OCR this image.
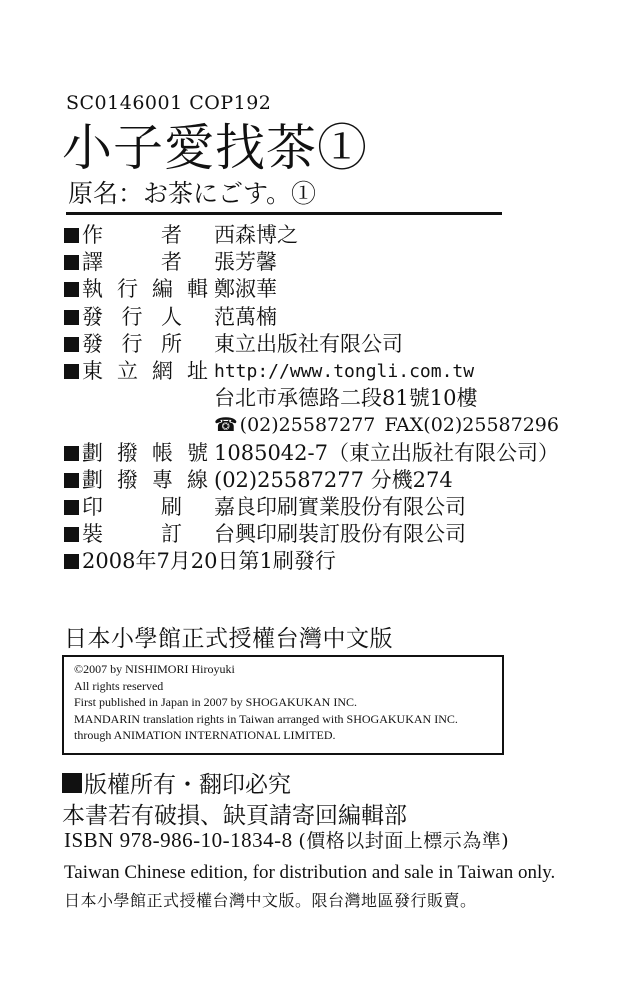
SC0146001 COP192
小子愛找茶①
原名：お茶にごす。①
作	者 西森博之
譯	者 張芳馨
執 行 編 輯 鄭淑華
發 行 人 范萬楠
發 行 所 東立出版社有限公司
東 立 網 址 http://www.tongli.com.tw
台北市承德路二段81號10樓
☎ (02)25587277 FAX(02)25587296
劃 撥 帳 號 1085042-7（東立出版社有限公司）
劃 撥 專 線 (02)25587277 分機274
印	刷 嘉良印刷實業股份有限公司
裝	訂 台興印刷裝訂股份有限公司
2008年7月20日第1刷發行
日本小學館正式授權台灣中文版
©2007 by NISHIMORI Hiroyuki
All rights reserved
First published in Japan in 2007 by SHOGAKUKAN INC.
MANDARIN translation rights in Taiwan arranged with SHOGAKUKAN INC.
through ANIMATION INTERNATIONAL LIMITED.
版權所有・翻印必究
本書若有破損、缺頁請寄回編輯部
ISBN 978-986-10-1834-8 (價格以封面上標示為準)
Taiwan Chinese edition, for distribution and sale in Taiwan only.
日本小學館正式授權台灣中文版。限台灣地區發行販賣。
